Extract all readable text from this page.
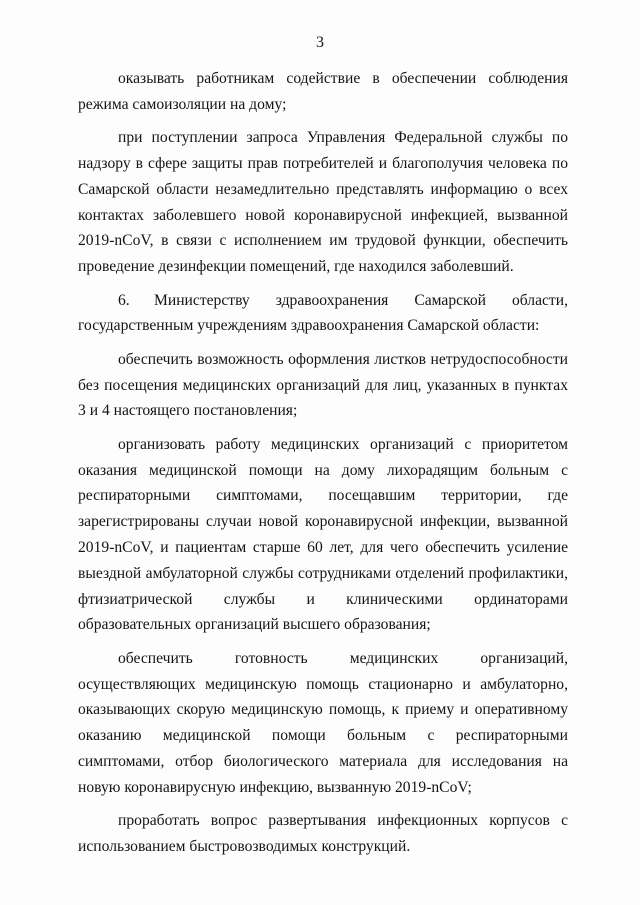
3

оказывать работникам содействие в обеспечении соблюдения режима самоизоляции на дому;

при поступлении запроса Управления Федеральной службы по надзору в сфере защиты прав потребителей и благополучия человека по Самарской области незамедлительно представлять информацию о всех контактах заболевшего новой коронавирусной инфекцией, вызванной 2019-nCoV, в связи с исполнением им трудовой функции, обеспечить проведение дезинфекции помещений, где находился заболевший.

6. Министерству здравоохранения Самарской области, государственным учреждениям здравоохранения Самарской области:

обеспечить возможность оформления листков нетрудоспособности без посещения медицинских организаций для лиц, указанных в пунктах 3 и 4 настоящего постановления;

организовать работу медицинских организаций с приоритетом оказания медицинской помощи на дому лихорадящим больным с респираторными симптомами, посещавшим территории, где зарегистрированы случаи новой коронавирусной инфекции, вызванной 2019-nCoV, и пациентам старше 60 лет, для чего обеспечить усиление выездной амбулаторной службы сотрудниками отделений профилактики, фтизиатрической службы и клиническими ординаторами образовательных организаций высшего образования;

обеспечить готовность медицинских организаций, осуществляющих медицинскую помощь стационарно и амбулаторно, оказывающих скорую медицинскую помощь, к приему и оперативному оказанию медицинской помощи больным с респираторными симптомами, отбор биологического материала для исследования на новую коронавирусную инфекцию, вызванную 2019-nCoV;

проработать вопрос развертывания инфекционных корпусов с использованием быстровозводимых конструкций.
